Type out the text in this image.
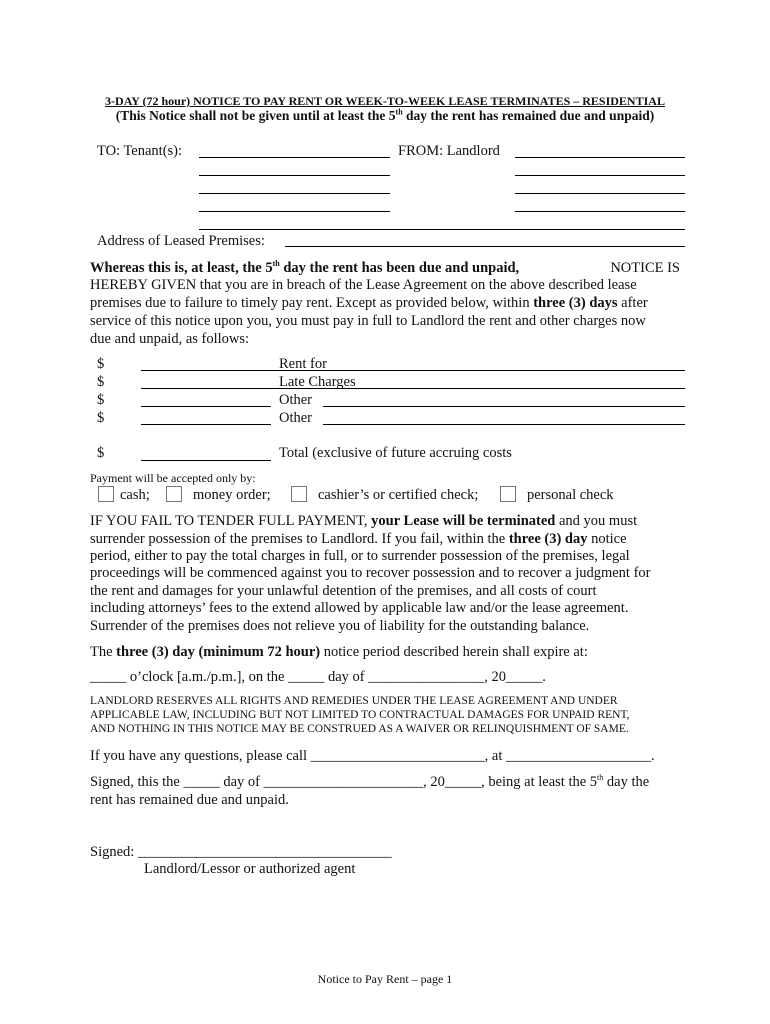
3-DAY (72 hour) NOTICE TO PAY RENT OR WEEK-TO-WEEK LEASE TERMINATES – RESIDENTIAL
(This Notice shall not be given until at least the 5th day the rent has remained due and unpaid)
TO: Tenant(s):	FROM: Landlord
Address of Leased Premises:
Whereas this is, at least, the 5th day the rent has been due and unpaid,	NOTICE IS
HEREBY GIVEN that you are in breach of the Lease Agreement on the above described lease
premises due to failure to timely pay rent. Except as provided below, within three (3) days after
service of this notice upon you, you must pay in full to Landlord the rent and other charges now
due and unpaid, as follows:
$	Rent for
$	Late Charges
$	Other
$	Other
$	Total (exclusive of future accruing costs
Payment will be accepted only by:
cash;	money order;	cashier’s or certified check;	personal check
IF YOU FAIL TO TENDER FULL PAYMENT, your Lease will be terminated and you must
surrender possession of the premises to Landlord. If you fail, within the three (3) day notice
period, either to pay the total charges in full, or to surrender possession of the premises, legal
proceedings will be commenced against you to recover possession and to recover a judgment for
the rent and damages for your unlawful detention of the premises, and all costs of court
including attorneys’ fees to the extend allowed by applicable law and/or the lease agreement.
Surrender of the premises does not relieve you of liability for the outstanding balance.
The three (3) day (minimum 72 hour) notice period described herein shall expire at:
_____ o’clock [a.m./p.m.], on the _____ day of ________________, 20_____.
LANDLORD RESERVES ALL RIGHTS AND REMEDIES UNDER THE LEASE AGREEMENT AND UNDER
APPLICABLE LAW, INCLUDING BUT NOT LIMITED TO CONTRACTUAL DAMAGES FOR UNPAID RENT,
AND NOTHING IN THIS NOTICE MAY BE CONSTRUED AS A WAIVER OR RELINQUISHMENT OF SAME.
If you have any questions, please call ________________________, at ____________________.
Signed, this the _____ day of ______________________, 20_____, being at least the 5th day the
rent has remained due and unpaid.
Signed: ___________________________________
Landlord/Lessor or authorized agent
Notice to Pay Rent – page 1
